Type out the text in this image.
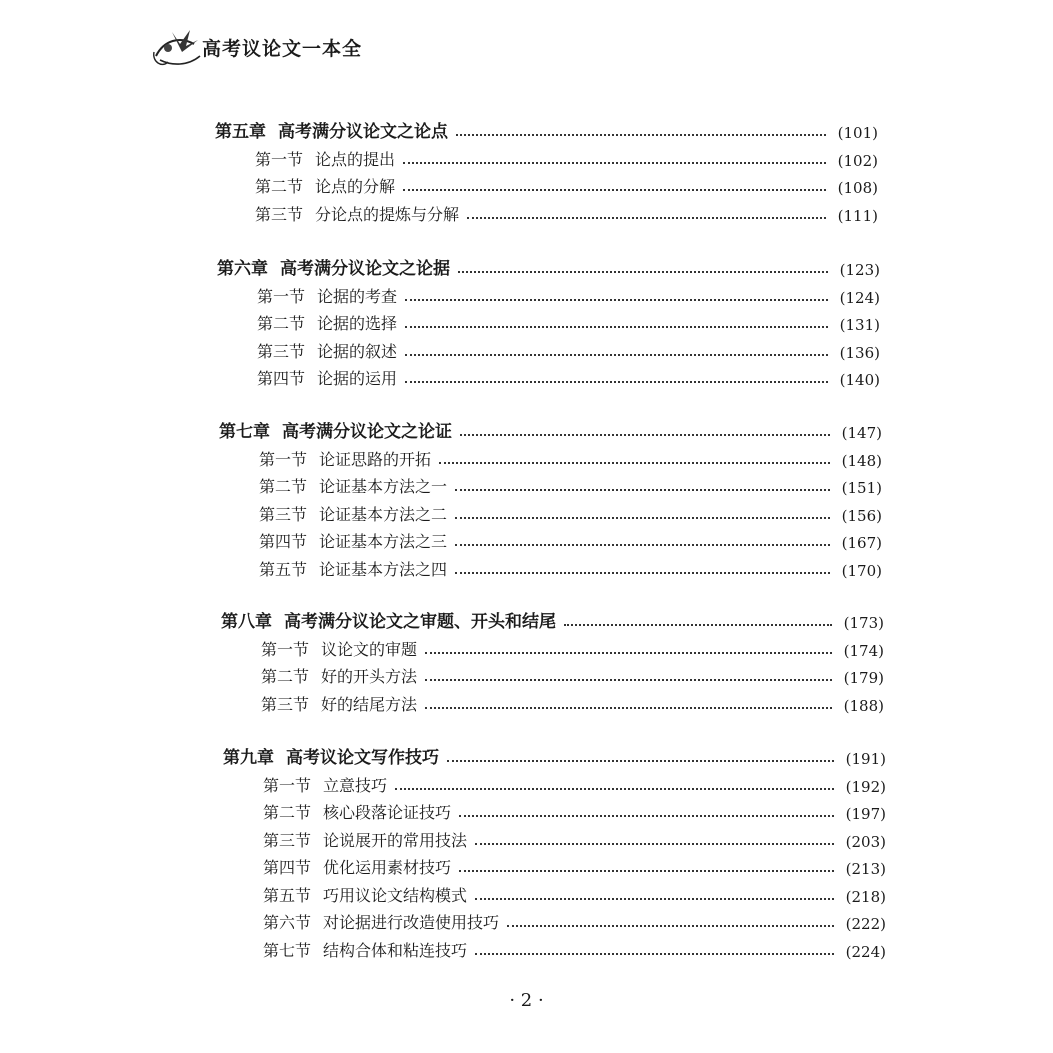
高考议论文一本全
第五章 高考满分议论文之论点	(101)
第一节 论点的提出	(102)
第二节 论点的分解	(108)
第三节 分论点的提炼与分解	(111)
第六章 高考满分议论文之论据	(123)
第一节 论据的考查	(124)
第二节 论据的选择	(131)
第三节 论据的叙述	(136)
第四节 论据的运用	(140)
第七章 高考满分议论文之论证	(147)
第一节 论证思路的开拓	(148)
第二节 论证基本方法之一	(151)
第三节 论证基本方法之二	(156)
第四节 论证基本方法之三	(167)
第五节 论证基本方法之四	(170)
第八章 高考满分议论文之审题、开头和结尾	(173)
第一节 议论文的审题	(174)
第二节 好的开头方法	(179)
第三节 好的结尾方法	(188)
第九章 高考议论文写作技巧	(191)
第一节 立意技巧	(192)
第二节 核心段落论证技巧	(197)
第三节 论说展开的常用技法	(203)
第四节 优化运用素材技巧	(213)
第五节 巧用议论文结构模式	(218)
第六节 对论据进行改造使用技巧	(222)
第七节 结构合体和粘连技巧	(224)
· 2 ·
